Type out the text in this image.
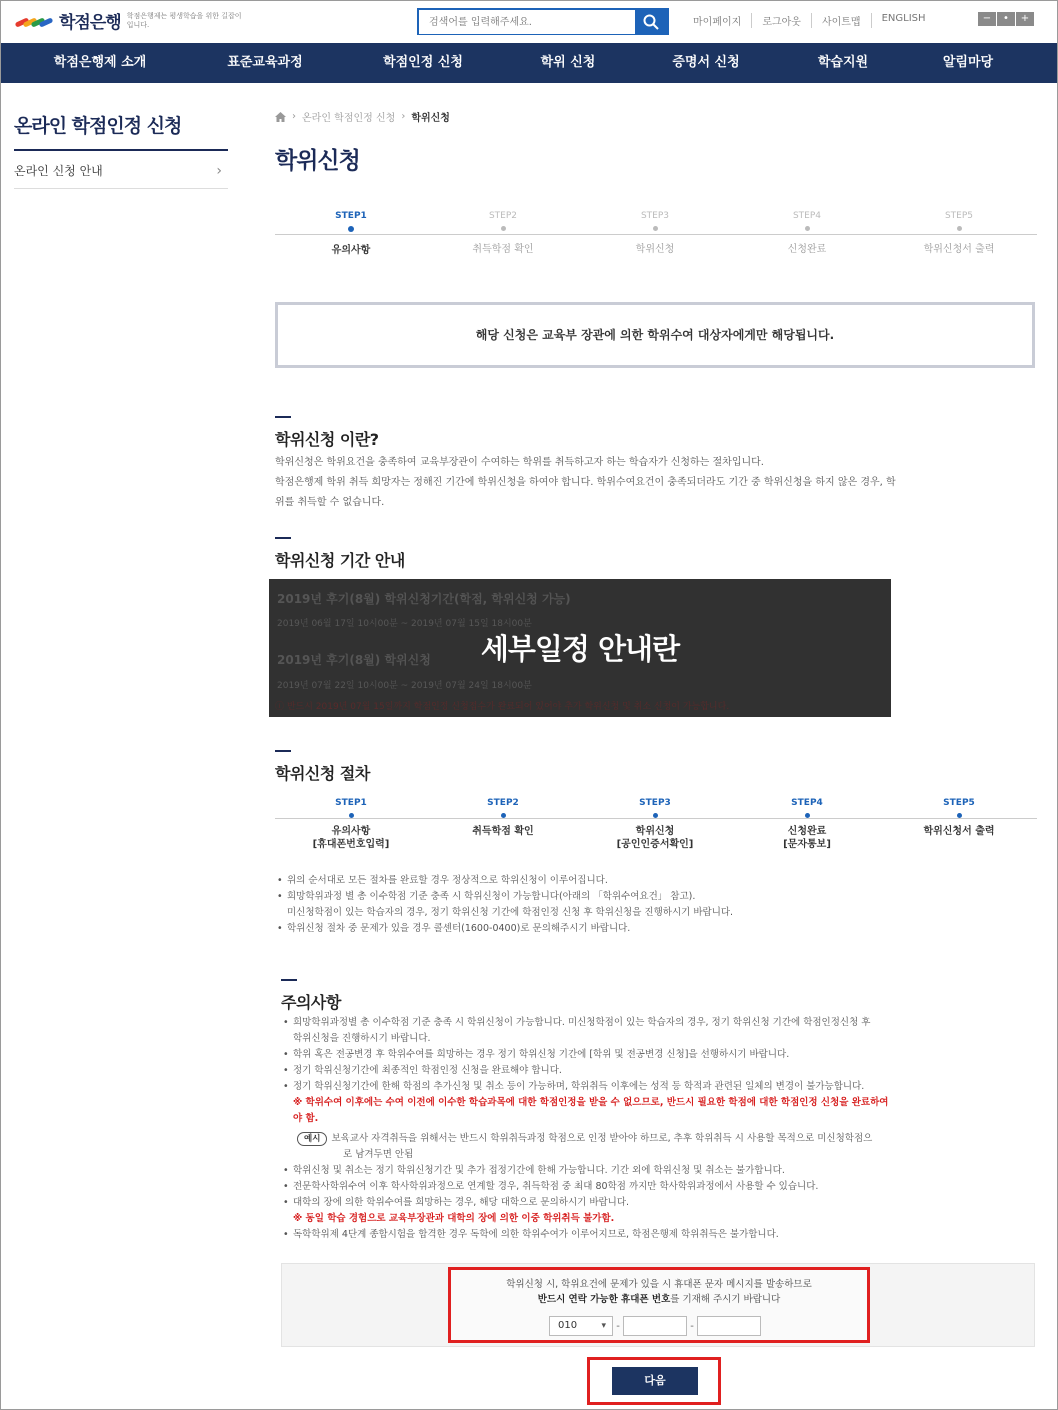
학점은행 학점은행제는 평생학습을 위한 길잡이 입니다.
검색어를 입력해주세요.	마이페이지	로그아웃	사이트맵	ENGLISH	−	•	+
학점은행제 소개	표준교육과정	학점인정 신청	학위 신청	증명서 신청	학습지원	알림마당
온라인 학점인정 신청
온라인 신청 안내	›
› 온라인 학점인정 신청 › 학위신청
학위신청
STEP1
유의사항
STEP2
취득학점 확인
STEP3
학위신청
STEP4
신청완료
STEP5
학위신청서 출력
해당 신청은 교육부 장관에 의한 학위수여 대상자에게만 해당됩니다.
학위신청 이란?
학위신청은 학위요건을 충족하여 교육부장관이 수여하는 학위를 취득하고자 하는 학습자가 신청하는 절차입니다.
학점은행제 학위 취득 희망자는 정해진 기간에 학위신청을 하여야 합니다. 학위수여요건이 충족되더라도 기간 중 학위신청을 하지 않은 경우, 학
위를 취득할 수 없습니다.
학위신청 기간 안내
2019년 후기(8월) 학위신청기간(학점, 학위신청 가능)
2019년 06월 17일 10시00분 ~ 2019년 07월 15일 18시00분
2019년 후기(8월) 학위신청
2019년 07월 22일 10시00분 ~ 2019년 07월 24일 18시00분
ⓘ 반드시 2019년 07월 15일까지 학점인정 신청접수가 완료되어 있어야 추가 학위신청 및 취소 신청이 가능합니다.
세부일정 안내란
학위신청 절차
STEP1
유의사항
[휴대폰번호입력]
STEP2
취득학점 확인
STEP3
학위신청
[공인인증서확인]
STEP4
신청완료
[문자통보]
STEP5
학위신청서 출력
• 위의 순서대로 모든 절차를 완료할 경우 정상적으로 학위신청이 이루어집니다.
• 희망학위과정 별 총 이수학점 기준 충족 시 학위신청이 가능합니다(아래의 「학위수여요건」 참고).
미신청학점이 있는 학습자의 경우, 정기 학위신청 기간에 학점인정 신청 후 학위신청을 진행하시기 바랍니다.
• 학위신청 절차 중 문제가 있을 경우 콜센터(1600-0400)로 문의해주시기 바랍니다.
주의사항
• 희망학위과정별 총 이수학점 기준 충족 시 학위신청이 가능합니다. 미신청학점이 있는 학습자의 경우, 정기 학위신청 기간에 학점인정신청 후
학위신청을 진행하시기 바랍니다.
• 학위 혹은 전공변경 후 학위수여를 희망하는 경우 정기 학위신청 기간에 [학위 및 전공변경 신청]을 선행하시기 바랍니다.
• 정기 학위신청기간에 최종적인 학점인정 신청을 완료해야 합니다.
• 정기 학위신청기간에 한해 학점의 추가신청 및 취소 등이 가능하며, 학위취득 이후에는 성적 등 학적과 관련된 일체의 변경이 불가능합니다.
※ 학위수여 이후에는 수여 이전에 이수한 학습과목에 대한 학점인정을 받을 수 없으므로, 반드시 필요한 학점에 대한 학점인정 신청을 완료하여
야 함.
예시 보육교사 자격취득을 위해서는 반드시 학위취득과정 학점으로 인정 받아야 하므로, 추후 학위취득 시 사용할 목적으로 미신청학점으
로 남겨두면 안됨
• 학위신청 및 취소는 정기 학위신청기간 및 추가 접정기간에 한해 가능합니다. 기간 외에 학위신청 및 취소는 불가합니다.
• 전문학사학위수여 이후 학사학위과정으로 연계할 경우, 취득학점 중 최대 80학점 까지만 학사학위과정에서 사용할 수 있습니다.
• 대학의 장에 의한 학위수여를 희망하는 경우, 해당 대학으로 문의하시기 바랍니다.
※ 동일 학습 경험으로 교육부장관과 대학의 장에 의한 이중 학위취득 불가함.
• 독학학위제 4단계 종합시험을 합격한 경우 독학에 의한 학위수여가 이루어지므로, 학점은행제 학위취득은 불가합니다.
학위신청 시, 학위요건에 문제가 있을 시 휴대폰 문자 메시지를 발송하므로
반드시 연락 가능한 휴대폰 번호를 기재해 주시기 바랍니다
010 ▾	-	-
다음
